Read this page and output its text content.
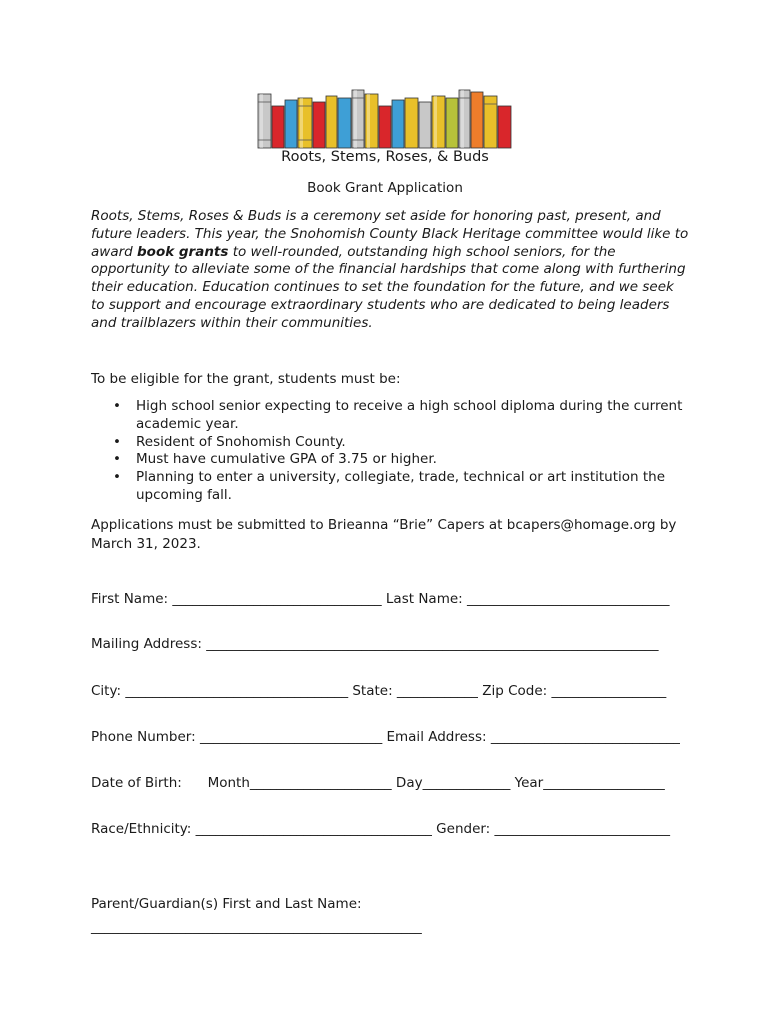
Roots, Stems, Roses, & Buds
Book Grant Application

Roots, Stems, Roses & Buds is a ceremony set aside for honoring past, present, and future leaders. This year, the Snohomish County Black Heritage committee would like to award book grants to well-rounded, outstanding high school seniors, for the opportunity to alleviate some of the financial hardships that come along with furthering their education. Education continues to set the foundation for the future, and we seek to support and encourage extraordinary students who are dedicated to being leaders and trailblazers within their communities.

To be eligible for the grant, students must be:

• High school senior expecting to receive a high school diploma during the current academic year.
• Resident of Snohomish County.
• Must have cumulative GPA of 3.75 or higher.
• Planning to enter a university, collegiate, trade, technical or art institution the upcoming fall.

Applications must be submitted to Brieanna “Brie” Capers at bcapers@homage.org by March 31, 2023.

First Name: _______________________________ Last Name: ______________________________

Mailing Address: ___________________________________________________________________

City: _________________________________ State: ____________ Zip Code: _________________

Phone Number: ___________________________ Email Address: ____________________________

Date of Birth:      Month_____________________ Day_____________ Year__________________

Race/Ethnicity: ___________________________________ Gender: __________________________

Parent/Guardian(s) First and Last Name: _________________________________________________
